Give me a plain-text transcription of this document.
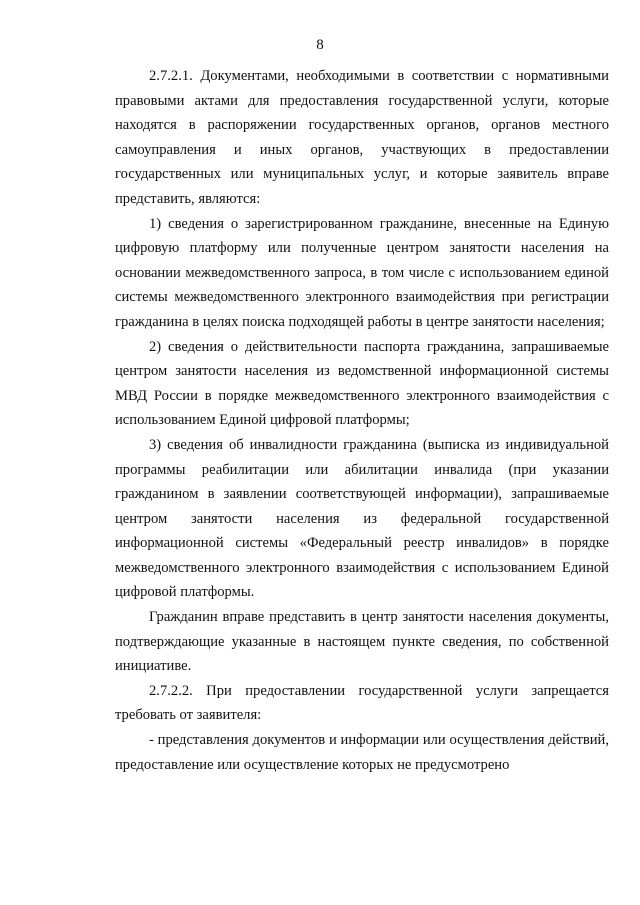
8

2.7.2.1. Документами, необходимыми в соответствии с нормативными правовыми актами для предоставления государственной услуги, которые находятся в распоряжении государственных органов, органов местного самоуправления и иных органов, участвующих в предоставлении государственных или муниципальных услуг, и которые заявитель вправе представить, являются:

1) сведения о зарегистрированном гражданине, внесенные на Единую цифровую платформу или полученные центром занятости населения на основании межведомственного запроса, в том числе с использованием единой системы межведомственного электронного взаимодействия при регистрации гражданина в целях поиска подходящей работы в центре занятости населения;

2) сведения о действительности паспорта гражданина, запрашиваемые центром занятости населения из ведомственной информационной системы МВД России в порядке межведомственного электронного взаимодействия с использованием Единой цифровой платформы;

3) сведения об инвалидности гражданина (выписка из индивидуальной программы реабилитации или абилитации инвалида (при указании гражданином в заявлении соответствующей информации), запрашиваемые центром занятости населения из федеральной государственной информационной системы «Федеральный реестр инвалидов» в порядке межведомственного электронного взаимодействия с использованием Единой цифровой платформы.

Гражданин вправе представить в центр занятости населения документы, подтверждающие указанные в настоящем пункте сведения, по собственной инициативе.

2.7.2.2. При предоставлении государственной услуги запрещается требовать от заявителя:

- представления документов и информации или осуществления действий, предоставление или осуществление которых не предусмотрено
